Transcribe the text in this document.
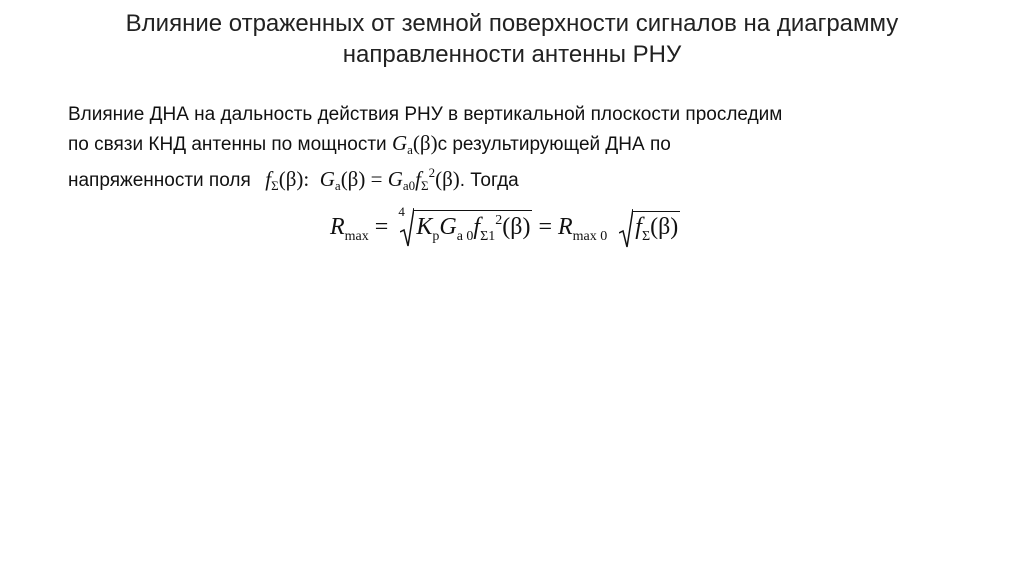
Влияние отраженных от земной поверхности сигналов на диаграмму
направленности антенны РНУ
Влияние ДНА на дальность действия РНУ в вертикальной плоскости проследим
по связи КНД антенны по мощности $G_a(\beta)с$ результирующей ДНА по
напряженности поля $f_\Sigma(\beta)$: $G_a(\beta) = G_{a0}f_\Sigma^2(\beta)$. Тогда
$R_{max}$ =
4
$K_pG_{a 0}f_{\Sigma 1}^2(\beta) = R_{max 0}$ $f_\Sigma(\beta)$
